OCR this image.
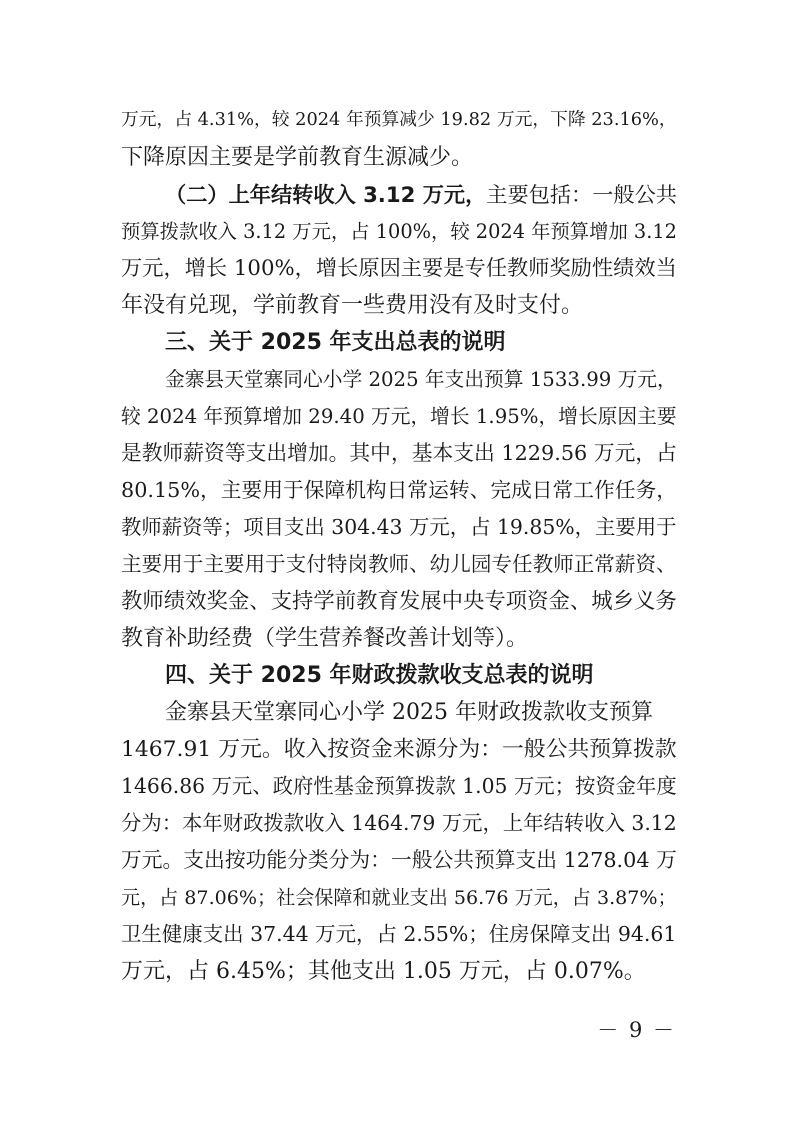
万元，占 4.31%，较 2024 年预算减少 19.82 万元，下降 23.16%，
下降原因主要是学前教育生源减少。
（二）上年结转收入 3.12 万元，主要包括：一般公共
预算拨款收入 3.12 万元，占 100%，较 2024 年预算增加 3.12
万元，增长 100%，增长原因主要是专任教师奖励性绩效当
年没有兑现，学前教育一些费用没有及时支付。
三、关于 2025 年支出总表的说明
金寨县天堂寨同心小学 2025 年支出预算 1533.99 万元，
较 2024 年预算增加 29.40 万元，增长 1.95%，增长原因主要
是教师薪资等支出增加。其中，基本支出 1229.56 万元，占
80.15%，主要用于保障机构日常运转、完成日常工作任务，
教师薪资等；项目支出 304.43 万元，占 19.85%，主要用于
主要用于主要用于支付特岗教师、幼儿园专任教师正常薪资、
教师绩效奖金、支持学前教育发展中央专项资金、城乡义务
教育补助经费（学生营养餐改善计划等）。
四、关于 2025 年财政拨款收支总表的说明
金寨县天堂寨同心小学 2025 年财政拨款收支预算
1467.91 万元。收入按资金来源分为：一般公共预算拨款
1466.86 万元、政府性基金预算拨款 1.05 万元；按资金年度
分为：本年财政拨款收入 1464.79 万元，上年结转收入 3.12
万元。支出按功能分类分为：一般公共预算支出 1278.04 万
元，占 87.06%；社会保障和就业支出 56.76 万元，占 3.87%；
卫生健康支出 37.44 万元，占 2.55%；住房保障支出 94.61
万元，占 6.45%；其他支出 1.05 万元，占 0.07%。
－ 9 －
